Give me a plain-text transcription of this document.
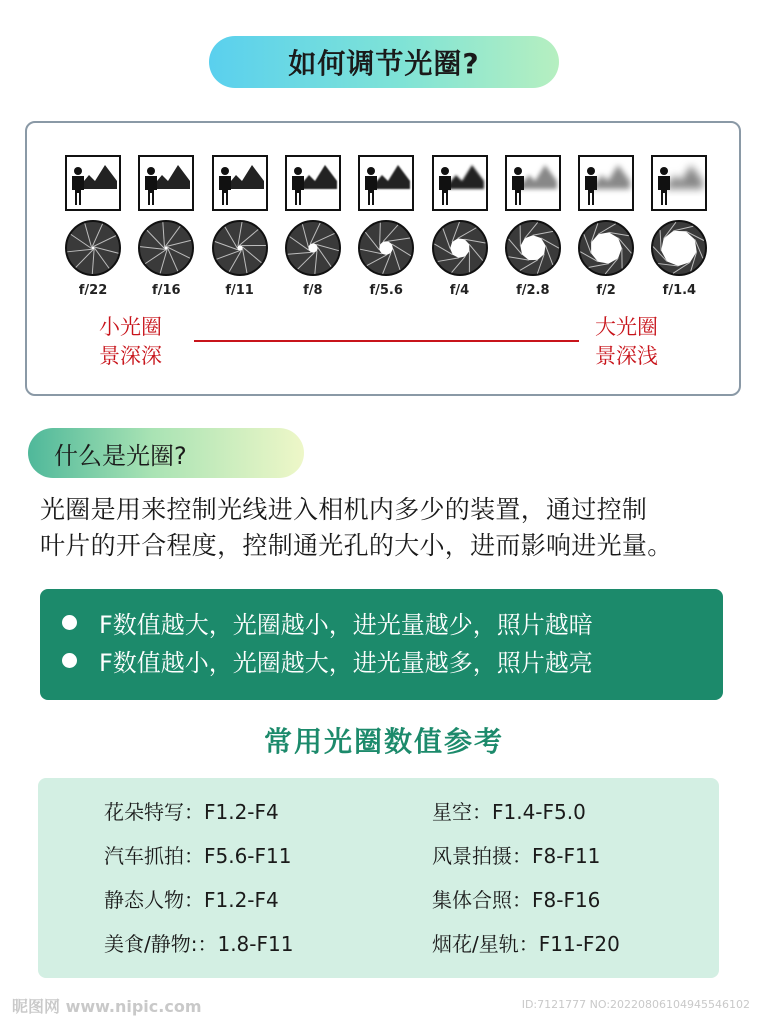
如何调节光圈?
f/22	f/16	f/11	f/8	f/5.6	f/4	f/2.8	f/2	f/1.4
小光圈
景深深
大光圈
景深浅
什么是光圈?
光圈是用来控制光线进入相机内多少的装置，通过控制
叶片的开合程度，控制通光孔的大小，进而影响进光量。
F数值越大，光圈越小，进光量越少，照片越暗
F数值越小，光圈越大，进光量越多，照片越亮
常用光圈数值参考
花朵特写：F1.2-F4	星空：F1.4-F5.0
汽车抓拍：F5.6-F11	风景拍摄：F8-F11
静态人物：F1.2-F4	集体合照：F8-F16
美食/静物:：1.8-F11	烟花/星轨：F11-F20
昵图网 www.nipic.com	ID:7121777 NO:20220806104945546102
